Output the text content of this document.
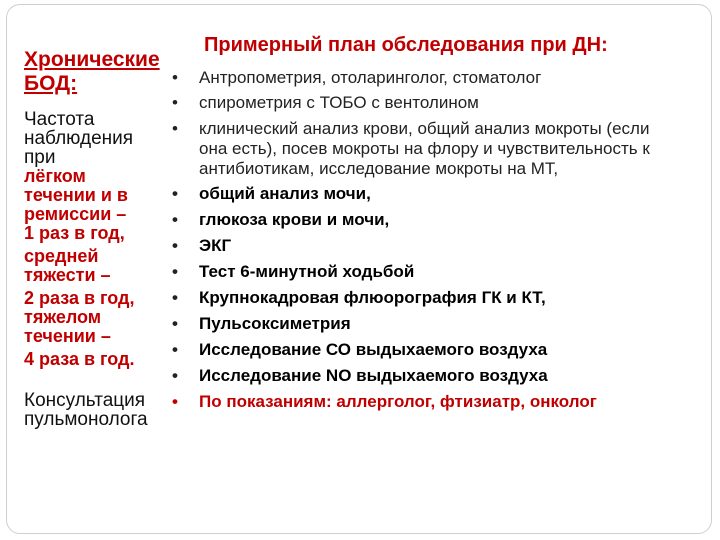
Примерный план обследования при ДН:
Хронические
БОД:
Частота
наблюдения
при
лёгком
течении и в
ремиссии –
1 раз в год,
средней
тяжести –
2 раза в год,
тяжелом
течении –
4 раза в год.
Консультация
пульмонолога
• Антропометрия, отоларинголог, стоматолог
• спирометрия с ТОБО с вентолином
• клинический анализ крови, общий анализ мокроты (если она есть), посев мокроты на флору и чувствительность к антибиотикам, исследование мокроты на МТ,
• общий анализ мочи,
• глюкоза крови и мочи,
• ЭКГ
• Тест 6-минутной ходьбой
• Крупнокадровая флюорография ГК и КТ,
• Пульсоксиметрия
• Исследование СО выдыхаемого воздуха
• Исследование NO выдыхаемого воздуха
• По показаниям: аллерголог, фтизиатр, онколог
